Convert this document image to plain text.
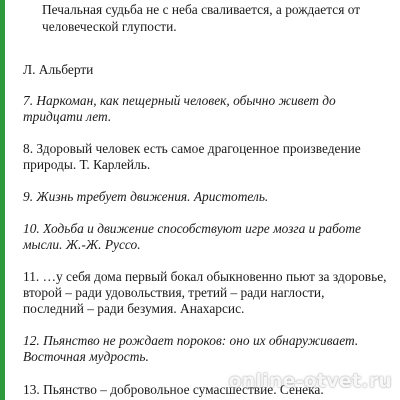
Печальная судьба не с неба сваливается, а рождается от

человеческой глупости.

Л. Альберти

7. Наркоман, как пещерный человек, обычно живет до

тридцати лет.

8. Здоровый человек есть самое драгоценное произведение

природы. Т. Карлейль.

9. Жизнь требует движения. Аристотель.

10. Ходьба и движение способствуют игре мозга и работе

мысли. Ж.-Ж. Руссо.

11. …у себя дома первый бокал обыкновенно пьют за здоровье,

второй – ради удовольствия, третий – ради наглости,

последний – ради безумия. Анахарсис.

12. Пьянство не рождает пороков: оно их обнаруживает.

Восточная мудрость.

13. Пьянство – добровольное сумасшествие. Сенека.

online-otvet.ru
